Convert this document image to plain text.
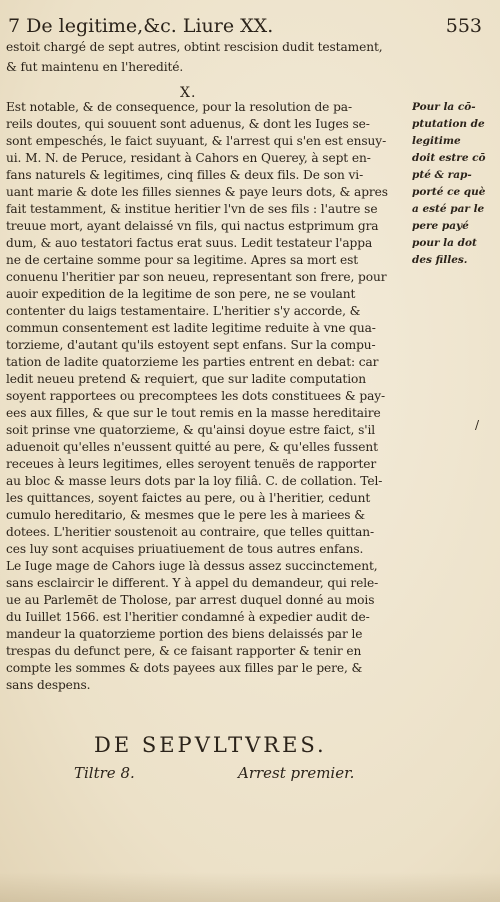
7 De legitime,&c. Liure XX.	553
estoit chargé de sept autres, obtint rescision dudit testament,
& fut maintenu en l'heredité.
Est notable, & de consequence, pour la resolution de pa-
reils doutes, qui souuent sont aduenus, & dont les Iuges se-
sont empeschés, le faict suyuant, & l'arrest qui s'en est ensuy-
ui. M. N. de Peruce, residant à Cahors en Querey, à sept en-
fans naturels & legitimes, cinq filles & deux fils. De son vi-
uant marie & dote les filles siennes & paye leurs dots, & apres
fait testamment, & institue heritier l'vn de ses fils : l'autre se
treuue mort, ayant delaissé vn fils, qui nactus estprimum gra
dum, & auo testatori factus erat suus. Ledit testateur l'appa
ne de certaine somme pour sa legitime. Apres sa mort est
conuenu l'heritier par son neueu, representant son frere, pour
auoir expedition de la legitime de son pere, ne se voulant
contenter du laigs testamentaire. L'heritier s'y accorde, &
commun consentement est ladite legitime reduite à vne qua-
torzieme, d'autant qu'ils estoyent sept enfans. Sur la compu-
tation de ladite quatorzieme les parties entrent en debat: car
ledit neueu pretend & requiert, que sur ladite computation
soyent rapportees ou precomptees les dots constituees & pay-
ees aux filles, & que sur le tout remis en la masse hereditaire
soit prinse vne quatorzieme, & qu'ainsi doyue estre faict, s'il
aduenoit qu'elles n'eussent quitté au pere, & qu'elles fussent
receues à leurs legitimes, elles seroyent tenuës de rapporter
au bloc & masse leurs dots par la loy filiâ. C. de collation. Tel-
les quittances, soyent faictes au pere, ou à l'heritier, cedunt
cumulo hereditario, & mesmes que le pere les à mariees &
dotees. L'heritier soustenoit au contraire, que telles quittan-
ces luy sont acquises priuatiuement de tous autres enfans.
Le Iuge mage de Cahors iuge là dessus assez succinctement,
sans esclaircir le different. Y à appel du demandeur, qui rele-
ue au Parlemēt de Tholose, par arrest duquel donné au mois
du Iuillet 1566. est l'heritier condamné à expedier audit de-
mandeur la quatorzieme portion des biens delaissés par le
trespas du defunct pere, & ce faisant rapporter & tenir en
compte les sommes & dots payees aux filles par le pere, &
sans despens.
X.
Pour la cō-
ptutation de
legitime
doit estre cō
pté & rap-
porté ce què
a esté par le
pere payé
pour la dot
des filles.
/
DE SEPVLTVRES.
Tiltre 8.	Arrest premier.
